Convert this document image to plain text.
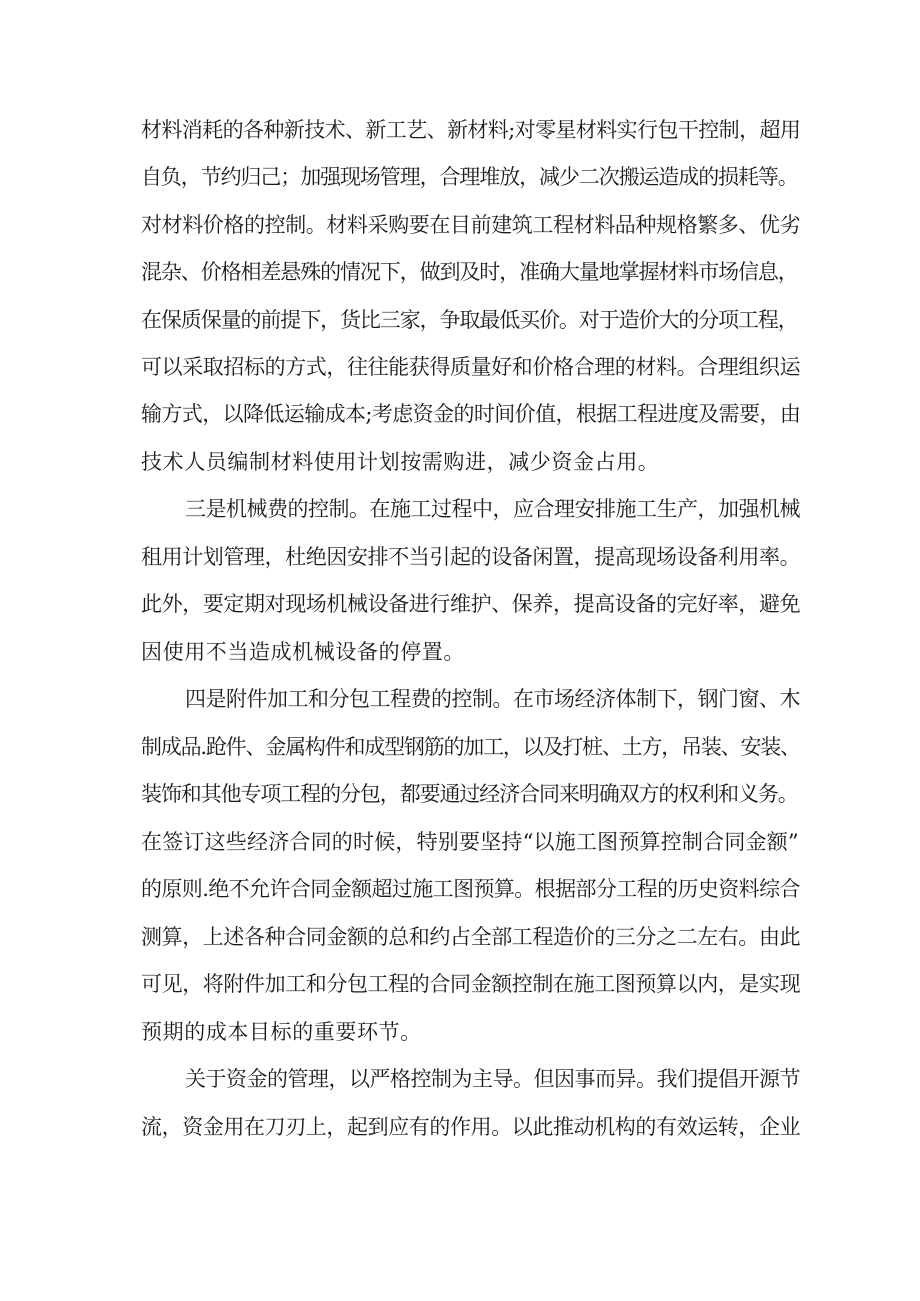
材料消耗的各种新技术、新工艺、新材料;对零星材料实行包干控制，超用
自负，节约归己；加强现场管理，合理堆放，减少二次搬运造成的损耗等。
对材料价格的控制。材料采购要在目前建筑工程材料品种规格繁多、优劣
混杂、价格相差悬殊的情况下，做到及时，准确大量地掌握材料市场信息，
在保质保量的前提下，货比三家，争取最低买价。对于造价大的分项工程，
可以采取招标的方式，往往能获得质量好和价格合理的材料。合理组织运
输方式，以降低运输成本;考虑资金的时间价值，根据工程进度及需要，由
技术人员编制材料使用计划按需购进，减少资金占用。
三是机械费的控制。在施工过程中，应合理安排施工生产，加强机械
租用计划管理，杜绝因安排不当引起的设备闲置，提高现场设备利用率。
此外，要定期对现场机械设备进行维护、保养，提高设备的完好率，避免
因使用不当造成机械设备的停置。
四是附件加工和分包工程费的控制。在市场经济体制下，钢门窗、木
制成品.跄件、金属构件和成型钢筋的加工，以及打桩、土方，吊装、安装、
装饰和其他专项工程的分包，都要通过经济合同来明确双方的权利和义务。
在签订这些经济合同的时候，特别要坚持“以施工图预算控制合同金额”
的原则.绝不允许合同金额超过施工图预算。根据部分工程的历史资料综合
测算，上述各种合同金额的总和约占全部工程造价的三分之二左右。由此
可见，将附件加工和分包工程的合同金额控制在施工图预算以内，是实现
预期的成本目标的重要环节。
关于资金的管理，以严格控制为主导。但因事而异。我们提倡开源节
流，资金用在刀刃上，起到应有的作用。以此推动机构的有效运转，企业
